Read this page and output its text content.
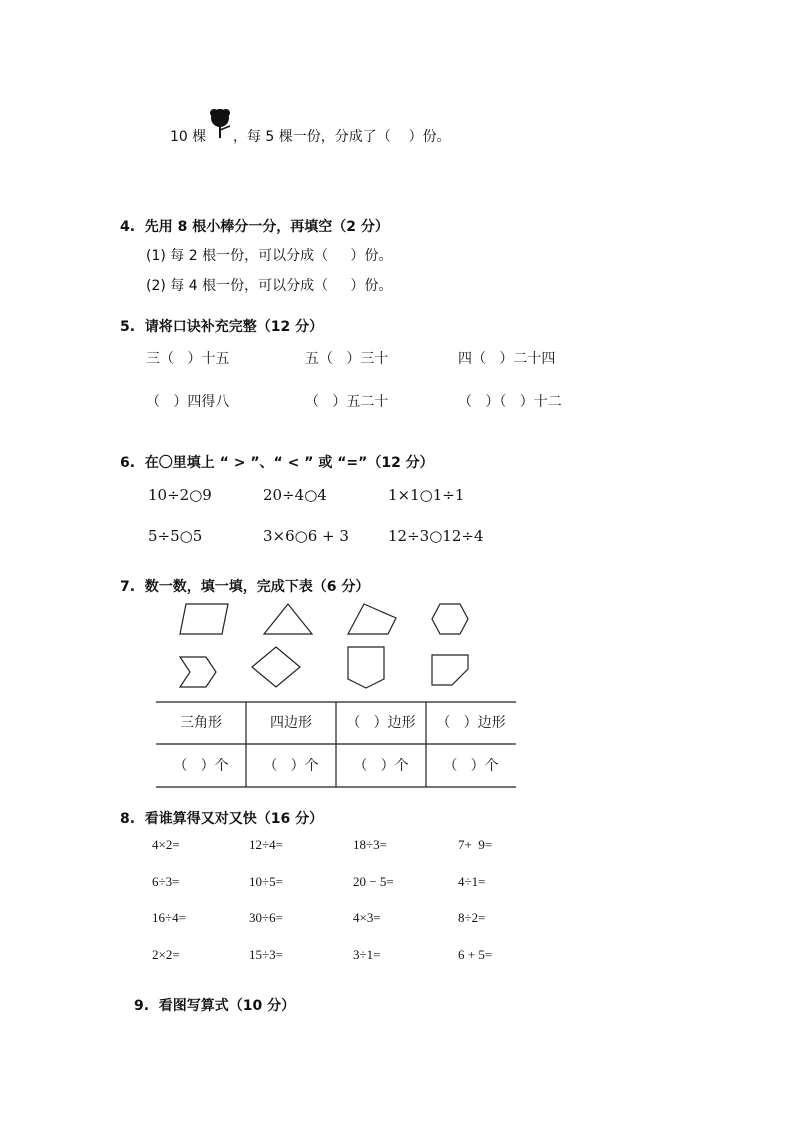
10 棵      ，每 5 棵一份，分成了（    ）份。
4.  先用 8 根小棒分一分，再填空（2 分）
(1) 每 2 根一份，可以分成（     ）份。
(2) 每 4 根一份，可以分成（     ）份。
5.  请将口诀补充完整（12 分）
三（   ）十五	五（   ）三十	四（   ）二十四
（   ）四得八	（   ）五二十	（   ）（   ）十二
6.  在〇里填上 “ > ”、“ < ” 或 “=”（12 分）
10÷2○9	20÷4○4	1×1○1÷1
5÷5○5	3×6○6 + 3	12÷3○12÷4
7.  数一数，填一填，完成下表（6 分）
三角形	四边形	（   ）边形	（   ）边形
（   ）个	（   ）个	（   ）个	（   ）个
8.  看谁算得又对又快（16 分）
4×2=	12÷4=	18÷3=	7+  9=
6÷3=	10÷5=	20 − 5=	4÷1=
16÷4=	30÷6=	4×3=	8÷2=
2×2=	15÷3=	3÷1=	6 + 5=
9.  看图写算式（10 分）
